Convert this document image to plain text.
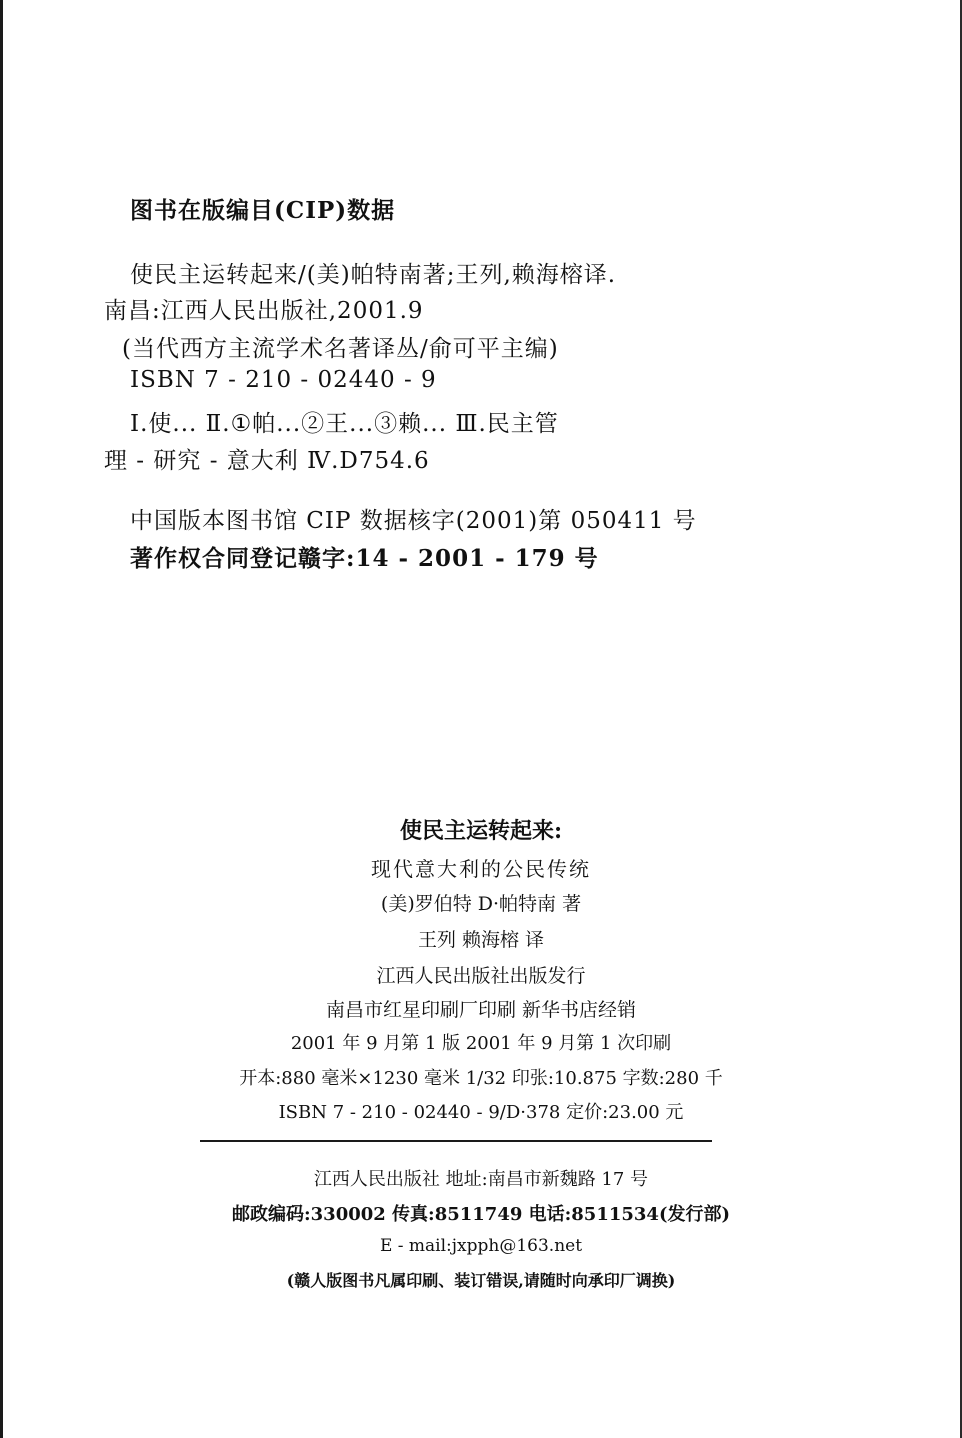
图书在版编目(CIP)数据
使民主运转起来/(美)帕特南著;王列,赖海榕译.
南昌:江西人民出版社,2001.9
(当代西方主流学术名著译丛/俞可平主编)
ISBN 7 - 210 - 02440 - 9
Ⅰ.使... Ⅱ.①帕...②王...③赖... Ⅲ.民主管
理 - 研究 - 意大利 Ⅳ.D754.6
中国版本图书馆 CIP 数据核字(2001)第 050411 号
著作权合同登记赣字:14 - 2001 - 179 号
使民主运转起来:
现代意大利的公民传统
(美)罗伯特 D·帕特南 著
王列 赖海榕 译
江西人民出版社出版发行
南昌市红星印刷厂印刷 新华书店经销
2001 年 9 月第 1 版 2001 年 9 月第 1 次印刷
开本:880 毫米×1230 毫米 1/32 印张:10.875 字数:280 千
ISBN 7 - 210 - 02440 - 9/D·378 定价:23.00 元
江西人民出版社 地址:南昌市新魏路 17 号
邮政编码:330002 传真:8511749 电话:8511534(发行部)
E - mail:jxpph@163.net
(赣人版图书凡属印刷、装订错误,请随时向承印厂调换)
